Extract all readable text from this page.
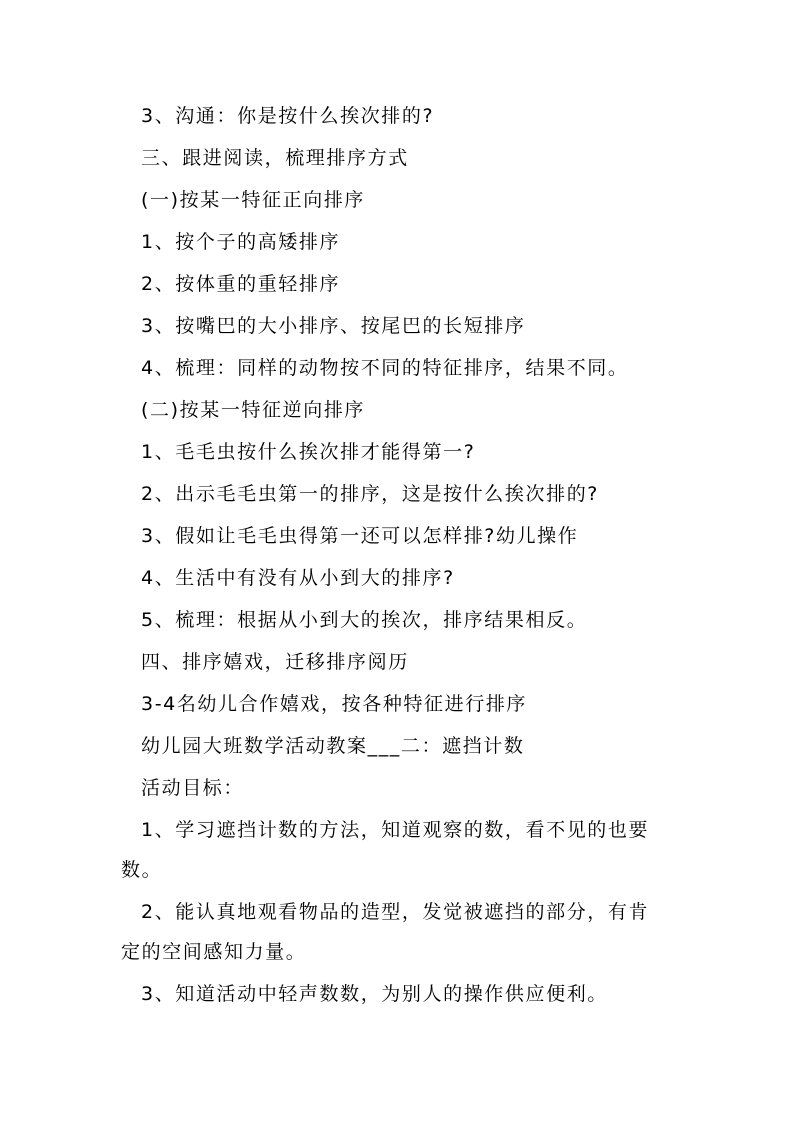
3、沟通：你是按什么挨次排的?
三、跟进阅读，梳理排序方式
(一)按某一特征正向排序
1、按个子的高矮排序
2、按体重的重轻排序
3、按嘴巴的大小排序、按尾巴的长短排序
4、梳理：同样的动物按不同的特征排序，结果不同。
(二)按某一特征逆向排序
1、毛毛虫按什么挨次排才能得第一?
2、出示毛毛虫第一的排序，这是按什么挨次排的?
3、假如让毛毛虫得第一还可以怎样排?幼儿操作
4、生活中有没有从小到大的排序?
5、梳理：根据从小到大的挨次，排序结果相反。
四、排序嬉戏，迁移排序阅历
3-4名幼儿合作嬉戏，按各种特征进行排序
幼儿园大班数学活动教案___二：遮挡计数
活动目标：
1、学习遮挡计数的方法，知道观察的数，看不见的也要
数。
2、能认真地观看物品的造型，发觉被遮挡的部分，有肯
定的空间感知力量。
3、知道活动中轻声数数，为别人的操作供应便利。
